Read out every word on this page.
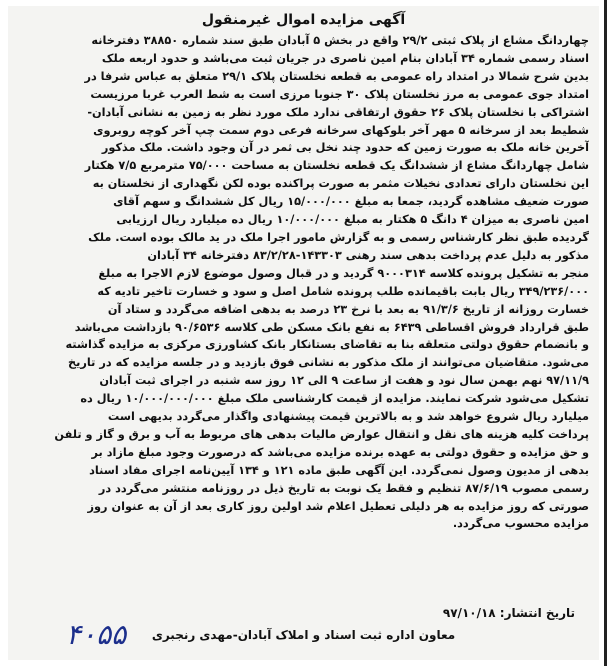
آگهی مزایده اموال غیرمنقول
چهاردانگ مشاع از پلاک ثبتی ۲۹/۲ واقع در بخش ۵ آبادان طبق سند شماره ۳۸۸۵۰ دفترخانه
اسناد رسمی شماره ۳۴ آبادان بنام امین ناصری در جریان ثبت می‌باشد و حدود اربعه ملک
بدین شرح شمالا در امتداد راه عمومی به قطعه نخلستان پلاک ۲۹/۱ متعلق به عباس شرفا در
امتداد جوی عمومی به مرز نخلستان پلاک ۳۰ جنوبا مرزی است به شط العرب غربا مرزیست
اشتراکی با نخلستان پلاک ۲۶ حقوق ارتفاقی ندارد ملک مورد نظر به زمین به نشانی آبادان-
شطیط بعد از سرخانه ۵ مهر آخر بلوکهای سرخانه فرعی دوم سمت چپ آخر کوچه روبروی
آخرین خانه ملک به صورت زمین که حدود چند نخل بی ثمر در آن وجود داشت. ملک مذکور
شامل چهاردانگ مشاع از ششدانگ یک قطعه نخلستان به مساحت ۷۵/۰۰۰ مترمربع ۷/۵ هکتار
این نخلستان دارای تعدادی نخیلات مثمر به صورت پراکنده بوده لکن نگهداری از نخلستان به
صورت ضعیف مشاهده گردید، جمعا به مبلغ ۱۵/۰۰۰/۰۰۰ ریال کل ششدانگ و سهم آقای
امین ناصری به میزان ۴ دانگ ۵ هکتار به مبلغ ۱۰/۰۰۰/۰۰۰ ریال ده میلیارد ریال ارزیابی
گردیده طبق نظر کارشناس رسمی و به گزارش مامور اجرا ملک در ید مالک بوده است. ملک
مذکور به دلیل عدم پرداخت بدهی سند رهنی ۱۴۳۳۰۳-۸۳/۲/۲۸ دفترخانه ۳۴ آبادان
منجر به تشکیل پرونده کلاسه ۹۰۰۰۳۱۴ گردید و در قبال وصول موضوع لازم الاجرا به مبلغ
۳۴۹/۲۳۶/۰۰۰ ریال بابت باقیمانده طلب پرونده شامل اصل و سود و خسارت تاخیر تادیه که
خسارت روزانه از تاریخ ۹۱/۳/۶ به بعد با نرخ ۲۳ درصد به بدهی اضافه می‌گردد و ستاد آن
طبق قرارداد فروش اقساطی ۶۴۳۹ به نفع بانک مسکن طی کلاسه ۹۰/۶۵۳۶ بازداشت می‌باشد
و بانضمام حقوق دولتی متعلقه بنا به تقاضای بستانکار بانک کشاورزی مرکزی به مزایده گذاشته
می‌شود. متقاضیان می‌توانند از ملک مذکور به نشانی فوق بازدید و در جلسه مزایده که در تاریخ
۹۷/۱۱/۹ نهم بهمن سال نود و هفت از ساعت ۹ الی ۱۲ روز سه شنبه در اجرای ثبت آبادان
تشکیل می‌شود شرکت نمایند. مزایده از قیمت کارشناسی ملک مبلغ ۱۰/۰۰۰/۰۰۰/۰۰۰ ریال ده
میلیارد ریال شروع خواهد شد و به بالاترین قیمت پیشنهادی واگذار می‌گردد بدیهی است
پرداخت کلیه هزینه های نقل و انتقال عوارض مالیات بدهی های مربوط به آب و برق و گاز و تلفن
و حق مزایده و حقوق دولتی به عهده برنده مزایده می‌باشد که درصورت وجود مبلغ مازاد بر
بدهی از مدیون وصول نمی‌گردد. این آگهی طبق ماده ۱۲۱ و ۱۳۴ آیین‌نامه اجرای مفاد اسناد
رسمی مصوب ۸۷/۶/۱۹ تنظیم و فقط یک نوبت به تاریخ ذیل در روزنامه منتشر می‌گردد در
صورتی که روز مزایده به هر دلیلی تعطیل اعلام شد اولین روز کاری بعد از آن به عنوان روز
مزایده محسوب می‌گردد.
تاریخ انتشار: ۹۷/۱۰/۱۸
معاون اداره ثبت اسناد و املاک آبادان-مهدی رنجبری
۴۰۵۵
